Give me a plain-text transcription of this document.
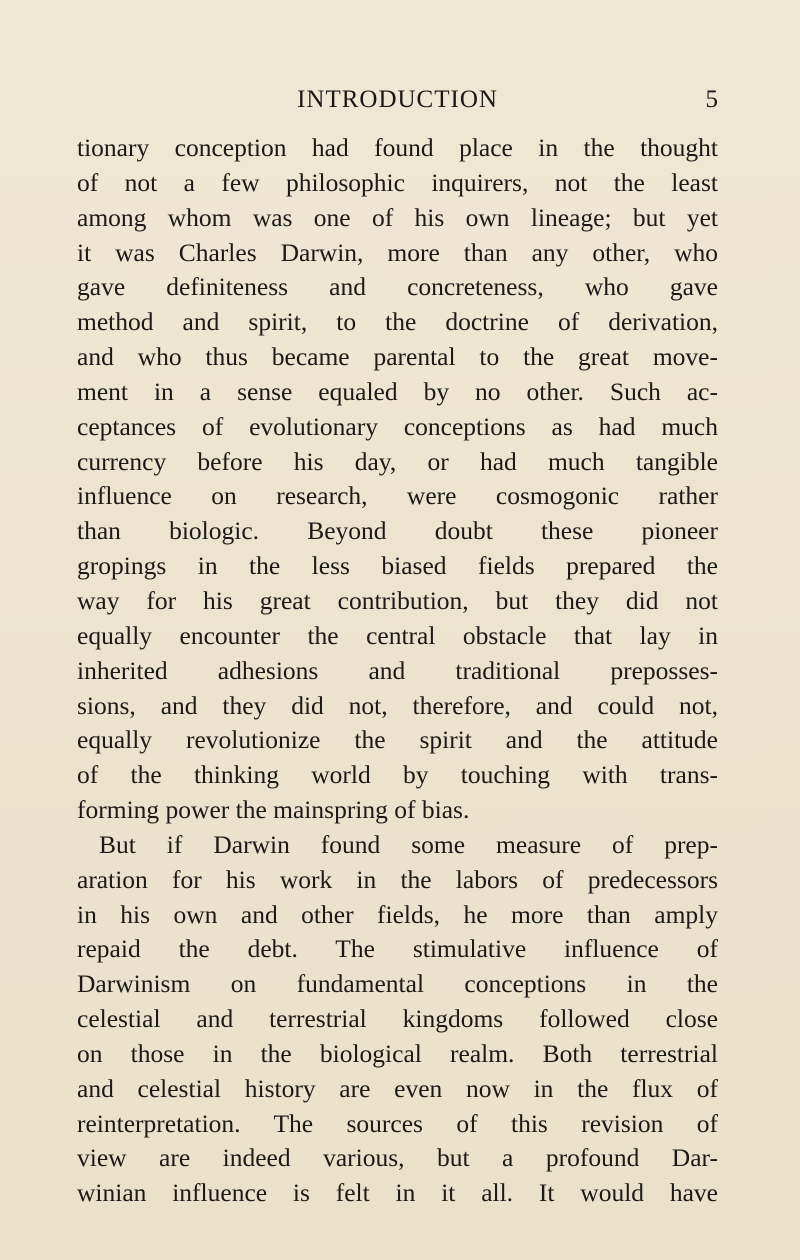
INTRODUCTION	5
tionary conception had found place in the thought
of not a few philosophic inquirers, not the least
among whom was one of his own lineage; but yet
it was Charles Darwin, more than any other, who
gave definiteness and concreteness, who gave
method and spirit, to the doctrine of derivation,
and who thus became parental to the great move-
ment in a sense equaled by no other. Such ac-
ceptances of evolutionary conceptions as had much
currency before his day, or had much tangible
influence on research, were cosmogonic rather
than biologic. Beyond doubt these pioneer
gropings in the less biased fields prepared the
way for his great contribution, but they did not
equally encounter the central obstacle that lay in
inherited adhesions and traditional preposses-
sions, and they did not, therefore, and could not,
equally revolutionize the spirit and the attitude
of the thinking world by touching with trans-
forming power the mainspring of bias.
But if Darwin found some measure of prep-
aration for his work in the labors of predecessors
in his own and other fields, he more than amply
repaid the debt. The stimulative influence of
Darwinism on fundamental conceptions in the
celestial and terrestrial kingdoms followed close
on those in the biological realm. Both terrestrial
and celestial history are even now in the flux of
reinterpretation. The sources of this revision of
view are indeed various, but a profound Dar-
winian influence is felt in it all. It would have
